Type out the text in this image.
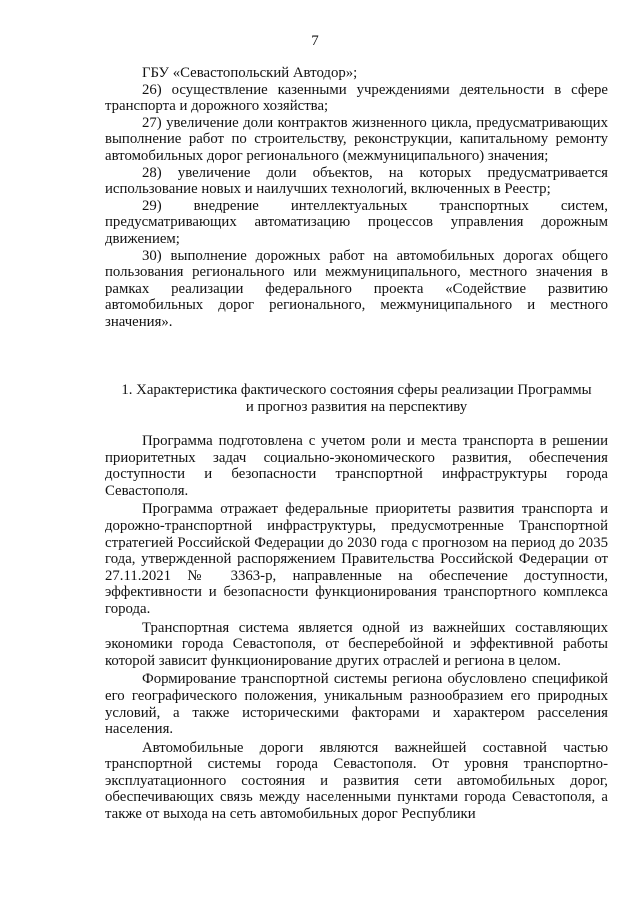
7

ГБУ «Севастопольский Автодор»;

26) осуществление казенными учреждениями деятельности в сфере транспорта и дорожного хозяйства;

27) увеличение доли контрактов жизненного цикла, предусматривающих выполнение работ по строительству, реконструкции, капитальному ремонту автомобильных дорог регионального (межмуниципального) значения;

28) увеличение доли объектов, на которых предусматривается использование новых и наилучших технологий, включенных в Реестр;

29) внедрение интеллектуальных транспортных систем, предусматривающих автоматизацию процессов управления дорожным движением;

30) выполнение дорожных работ на автомобильных дорогах общего пользования регионального или межмуниципального, местного значения в рамках реализации федерального проекта «Содействие развитию автомобильных дорог регионального, межмуниципального и местного значения».

1. Характеристика фактического состояния сферы реализации Программы
и прогноз развития на перспективу

Программа подготовлена с учетом роли и места транспорта в решении приоритетных задач социально-экономического развития, обеспечения доступности и безопасности транспортной инфраструктуры города Севастополя.

Программа отражает федеральные приоритеты развития транспорта и дорожно-транспортной инфраструктуры, предусмотренные Транспортной стратегией Российской Федерации до 2030 года с прогнозом на период до 2035 года, утвержденной распоряжением Правительства Российской Федерации от 27.11.2021 № 3363-р, направленные на обеспечение доступности, эффективности и безопасности функционирования транспортного комплекса города.

Транспортная система является одной из важнейших составляющих экономики города Севастополя, от бесперебойной и эффективной работы которой зависит функционирование других отраслей и региона в целом.

Формирование транспортной системы региона обусловлено спецификой его географического положения, уникальным разнообразием его природных условий, а также историческими факторами и характером расселения населения.

Автомобильные дороги являются важнейшей составной частью транспортной системы города Севастополя. От уровня транспортно-эксплуатационного состояния и развития сети автомобильных дорог, обеспечивающих связь между населенными пунктами города Севастополя, а также от выхода на сеть автомобильных дорог Республики
